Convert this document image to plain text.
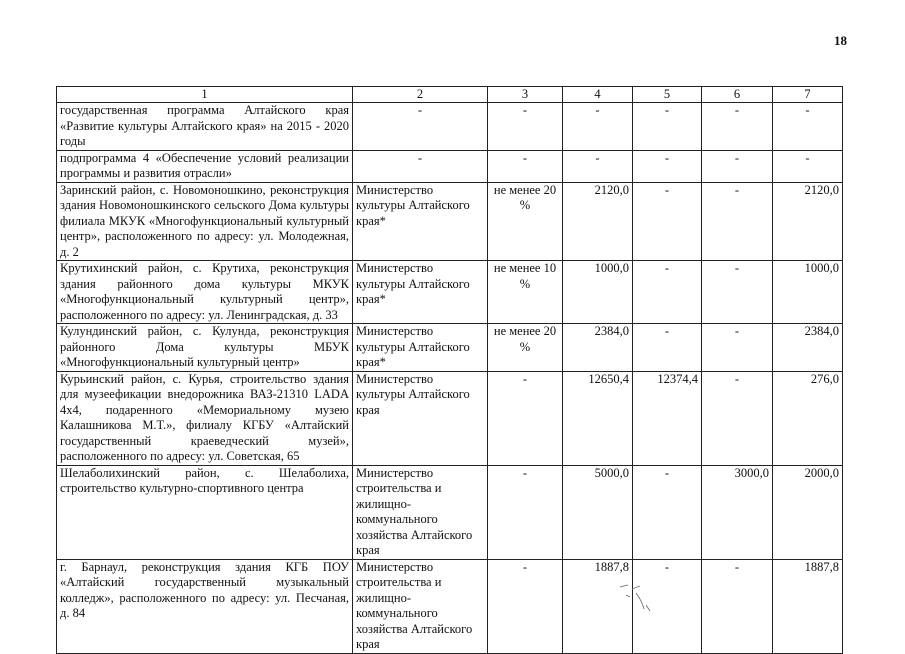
18
1	2	3	4	5	6	7
государственная программа Алтайского края «Развитие культуры Алтайского края» на 2015 - 2020 годы	-	-	-	-	-	-
подпрограмма 4 «Обеспечение условий реализации программы и развития отрасли»	-	-	-	-	-	-
Заринский район, с. Новомоношкино, реконструкция здания Новомоношкинского сельского Дома культуры филиала МКУК «Многофункциональный культурный центр», расположенного по адресу: ул. Молодежная, д. 2	Министерство культуры Алтайского края*	не менее 20 %	2120,0	-	-	2120,0
Крутихинский район, с. Крутиха, реконструкция здания районного дома культуры МКУК «Многофункциональный культурный центр», расположенного по адресу: ул. Ленинградская, д. 33	Министерство культуры Алтайского края*	не менее 10 %	1000,0	-	-	1000,0
Кулундинский район, с. Кулунда, реконструкция районного Дома культуры МБУК «Многофункциональный культурный центр»	Министерство культуры Алтайского края*	не менее 20 %	2384,0	-	-	2384,0
Курьинский район, с. Курья, строительство здания для музеефикации внедорожника ВАЗ-21310 LADA 4x4, подаренного «Мемориальному музею Калашникова М.Т.», филиалу КГБУ «Алтайский государственный краеведческий музей», расположенного по адресу: ул. Советская, 65	Министерство культуры Алтайского края	-	12650,4	12374,4	-	276,0
Шелаболихинский район, с. Шелаболиха, строительство культурно-спортивного центра	Министерство строительства и жилищно-коммунального хозяйства Алтайского края	-	5000,0	-	3000,0	2000,0
г. Барнаул, реконструкция здания КГБ ПОУ «Алтайский государственный музыкальный колледж», расположенного по адресу: ул. Песчаная, д. 84	Министерство строительства и жилищно-коммунального хозяйства Алтайского края	-	1887,8	-	-	1887,8
